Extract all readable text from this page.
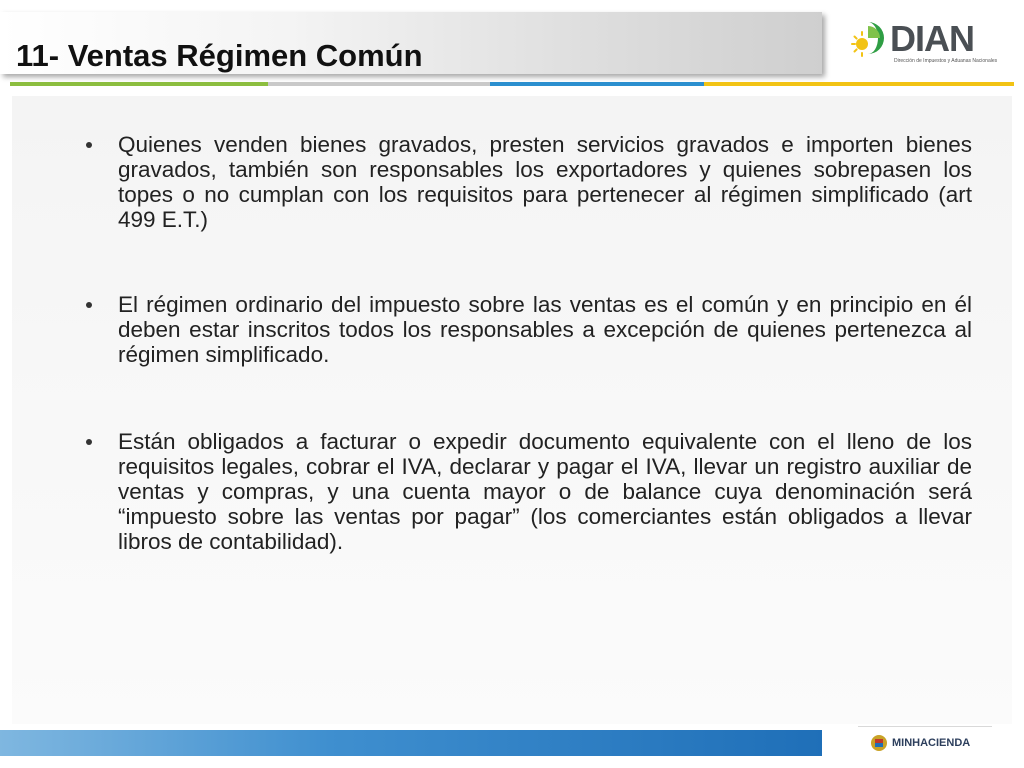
11- Ventas Régimen Común	DIAN
Dirección de Impuestos y Aduanas Nacionales
Quienes venden bienes gravados, presten servicios gravados e importen bienes gravados, también son responsables los exportadores y quienes sobrepasen los topes o no cumplan con los requisitos para pertenecer al régimen simplificado (art 499 E.T.)
El régimen ordinario del impuesto sobre las ventas es el común y en principio en él deben estar inscritos todos los responsables a excepción de quienes pertenezca al régimen simplificado.
Están obligados a facturar o expedir documento equivalente con el lleno de los requisitos legales, cobrar el IVA, declarar y pagar el IVA, llevar un registro auxiliar de ventas y compras, y una cuenta mayor o de balance cuya denominación será “impuesto sobre las ventas por pagar” (los comerciantes están obligados a llevar libros de contabilidad).
MINHACIENDA
